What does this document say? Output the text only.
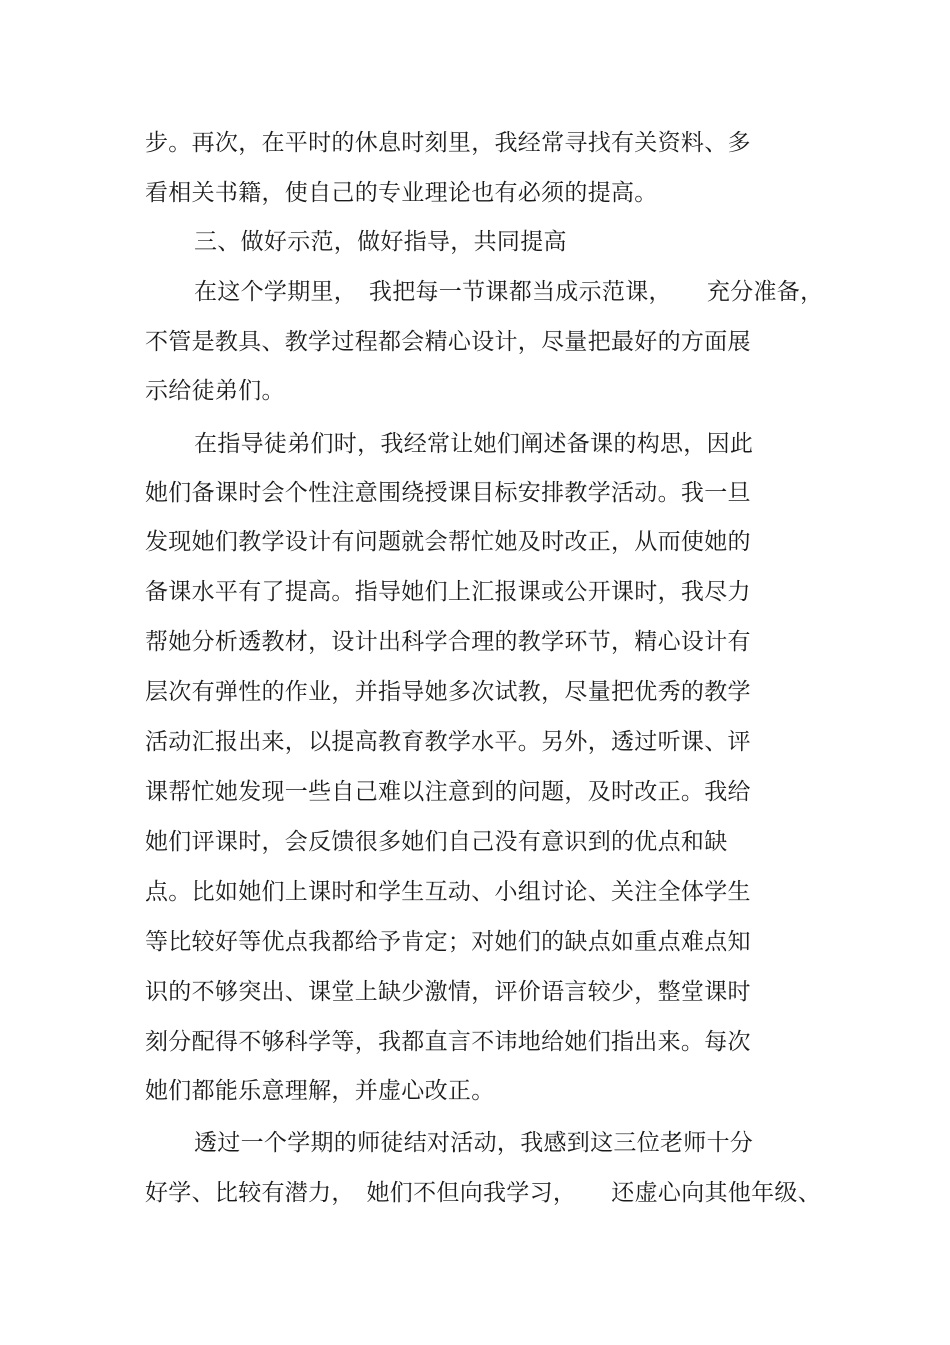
步。再次，在平时的休息时刻里，我经常寻找有关资料、多
看相关书籍，使自己的专业理论也有必须的提高。
三、做好示范，做好指导，共同提高
在这个学期里，　我把每一节课都当成示范课，　　充分准备，
不管是教具、教学过程都会精心设计，尽量把最好的方面展
示给徒弟们。
在指导徒弟们时，我经常让她们阐述备课的构思，因此
她们备课时会个性注意围绕授课目标安排教学活动。我一旦
发现她们教学设计有问题就会帮忙她及时改正，从而使她的
备课水平有了提高。指导她们上汇报课或公开课时，我尽力
帮她分析透教材，设计出科学合理的教学环节，精心设计有
层次有弹性的作业，并指导她多次试教，尽量把优秀的教学
活动汇报出来，以提高教育教学水平。另外，透过听课、评
课帮忙她发现一些自己难以注意到的问题，及时改正。我给
她们评课时，会反馈很多她们自己没有意识到的优点和缺
点。比如她们上课时和学生互动、小组讨论、关注全体学生
等比较好等优点我都给予肯定；对她们的缺点如重点难点知
识的不够突出、课堂上缺少激情，评价语言较少，整堂课时
刻分配得不够科学等，我都直言不讳地给她们指出来。每次
她们都能乐意理解，并虚心改正。
透过一个学期的师徒结对活动，我感到这三位老师十分
好学、比较有潜力，　她们不但向我学习，　　还虚心向其他年级、
